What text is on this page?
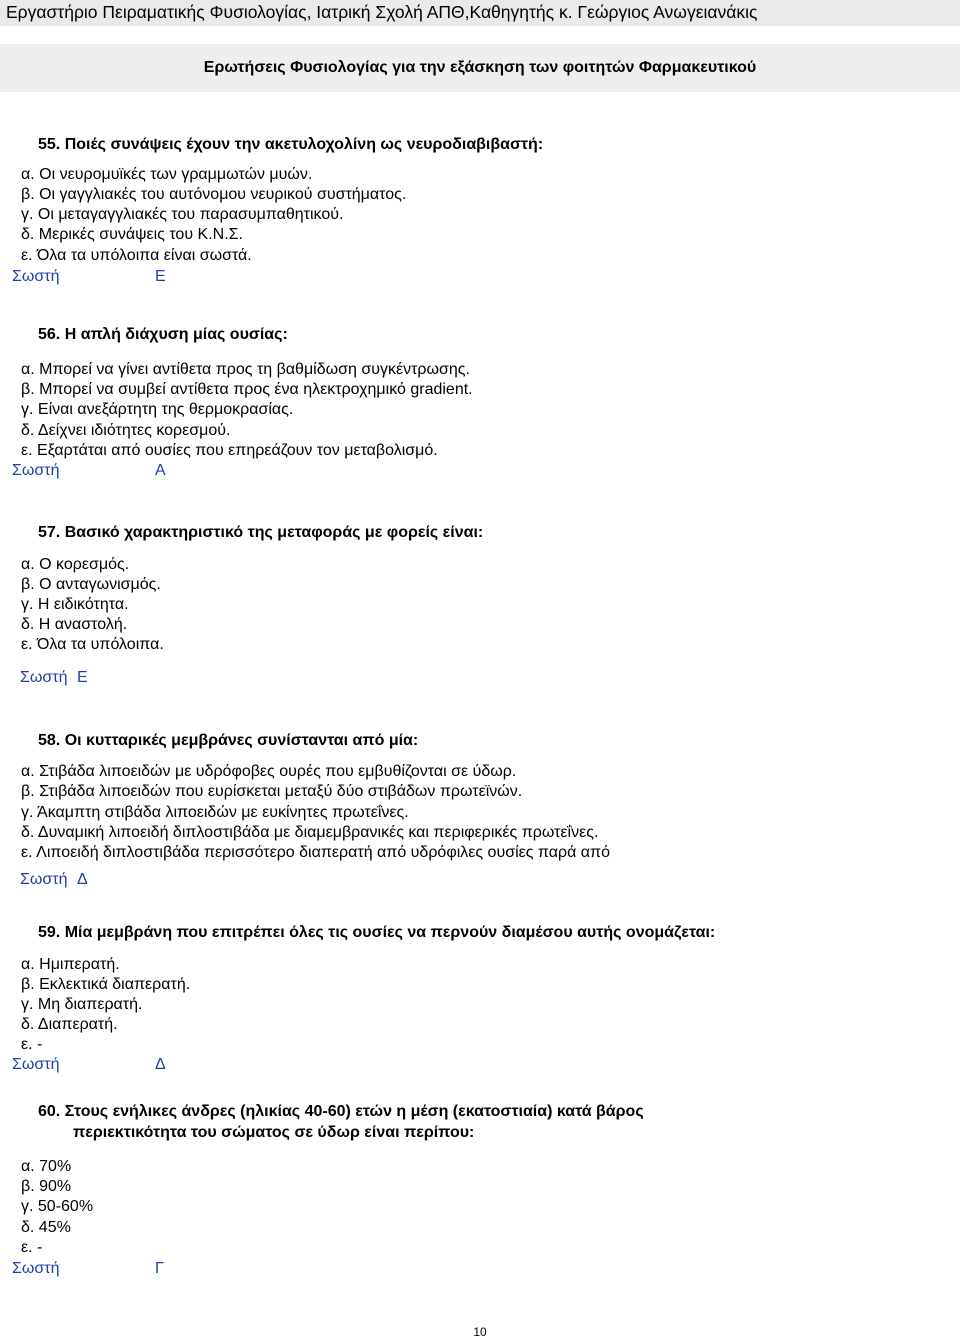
Εργαστήριο Πειραματικής Φυσιολογίας, Ιατρική Σχολή ΑΠΘ,Καθηγητής κ. Γεώργιος Ανωγειανάκις
Ερωτήσεις Φυσιολογίας για την εξάσκηση των φοιτητών Φαρμακευτικού
55. Ποιές συνάψεις έχουν την ακετυλοχολίνη ως νευροδιαβιβαστή:
α. Οι νευρομυϊκές των γραμμωτών μυών.
β. Οι γαγγλιακές του αυτόνομου νευρικού συστήματος.
γ. Οι μεταγαγγλιακές του παρασυμπαθητικού.
δ. Μερικές συνάψεις του Κ.Ν.Σ.
ε. Όλα τα υπόλοιπα είναι σωστά.
Σωστή	Ε
56. Η απλή διάχυση μίας ουσίας:
α. Μπορεί να γίνει αντίθετα προς τη βαθμίδωση συγκέντρωσης.
β. Μπορεί να συμβεί αντίθετα προς ένα ηλεκτροχημικό gradient.
γ. Είναι ανεξάρτητη της θερμοκρασίας.
δ. Δείχνει ιδιότητες κορεσμού.
ε. Εξαρτάται από ουσίες που επηρεάζουν τον μεταβολισμό.
Σωστή	Α
57. Βασικό χαρακτηριστικό της μεταφοράς με φορείς είναι:
α. Ο κορεσμός.
β. Ο ανταγωνισμός.
γ. Η ειδικότητα.
δ. Η αναστολή.
ε. Όλα τα υπόλοιπα.
Σωστή Ε
58. Οι κυτταρικές μεμβράνες συνίστανται από μία:
α. Στιβάδα λιποειδών με υδρόφοβες ουρές που εμβυθίζονται σε ύδωρ.
β. Στιβάδα λιποειδών που ευρίσκεται μεταξύ δύο στιβάδων πρωτεϊνών.
γ. Άκαμπτη στιβάδα λιποειδών με ευκίνητες πρωτεΐνες.
δ. Δυναμική λιποειδή διπλοστιβάδα με διαμεμβρανικές και περιφερικές πρωτεΐνες.
ε. Λιποειδή διπλοστιβάδα περισσότερο διαπερατή από υδρόφιλες ουσίες παρά από
Σωστή Δ
59. Μία μεμβράνη που επιτρέπει όλες τις ουσίες να περνούν διαμέσου αυτής ονομάζεται:
α. Ημιπερατή.
β. Εκλεκτικά διαπερατή.
γ. Μη διαπερατή.
δ. Διαπερατή.
ε. -
Σωστή	Δ
60. Στους ενήλικες άνδρες (ηλικίας 40-60) ετών η μέση (εκατοστιαία) κατά βάρος
περιεκτικότητα του σώματος σε ύδωρ είναι περίπου:
α. 70%
β. 90%
γ. 50-60%
δ. 45%
ε. -
Σωστή	Γ
10
